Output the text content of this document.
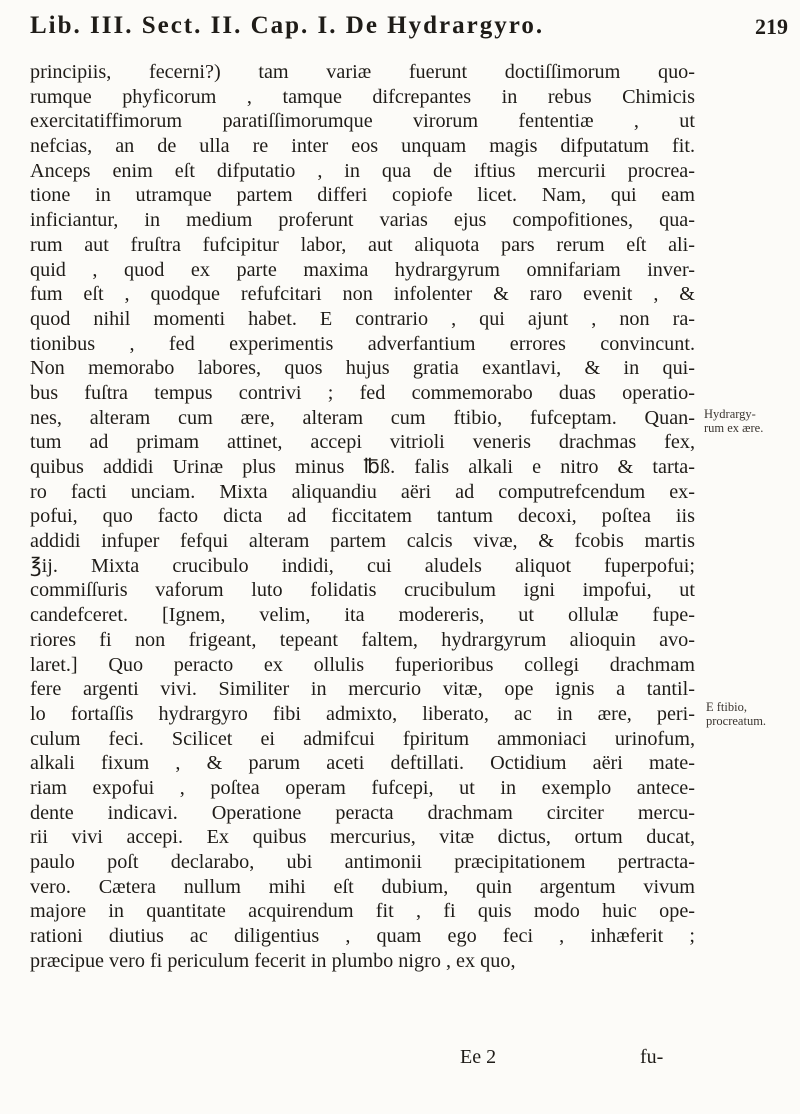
Lib. III. Sect. II. Cap. I. De Hydrargyro.	219
principiis, fecerni?) tam variæ fuerunt doctiſſimorum quo-
rumque phyficorum , tamque difcrepantes in rebus Chimicis
exercitatiffimorum paratiſſimorumque virorum fententiæ , ut
nefcias, an de ulla re inter eos unquam magis difputatum fit.
Anceps enim eſt difputatio , in qua de iftius mercurii procrea-
tione in utramque partem differi copiofe licet. Nam, qui eam
inficiantur, in medium proferunt varias ejus compofitiones, qua-
rum aut fruſtra fufcipitur labor, aut aliquota pars rerum eſt ali-
quid , quod ex parte maxima hydrargyrum omnifariam inver-
fum eſt , quodque refufcitari non infolenter & raro evenit , &
quod nihil momenti habet. E contrario , qui ajunt , non ra-
tionibus , fed experimentis adverfantium errores convincunt.
Non memorabo labores, quos hujus gratia exantlavi, & in qui-
bus fuſtra tempus contrivi ; fed commemorabo duas operatio-
nes, alteram cum ære, alteram cum ftibio, fufceptam. Quan-
tum ad primam attinet, accepi vitrioli veneris drachmas fex,
quibus addidi Urinæ plus minus ℔ß. falis alkali e nitro & tarta-
ro facti unciam. Mixta aliquandiu aëri ad computrefcendum ex-
pofui, quo facto dicta ad ficcitatem tantum decoxi, poſtea iis
addidi infuper fefqui alteram partem calcis vivæ, & fcobis martis
℥ij. Mixta crucibulo indidi, cui aludels aliquot fuperpofui;
commiſſuris vaforum luto folidatis crucibulum igni impofui, ut
candefceret. [Ignem, velim, ita modereris, ut ollulæ fupe-
riores fi non frigeant, tepeant faltem, hydrargyrum alioquin avo-
laret.] Quo peracto ex ollulis fuperioribus collegi drachmam
fere argenti vivi. Similiter in mercurio vitæ, ope ignis a tantil-
lo fortaſſis hydrargyro fibi admixto, liberato, ac in ære, peri-
culum feci. Scilicet ei admifcui fpiritum ammoniaci urinofum,
alkali fixum , & parum aceti deftillati. Octidium aëri mate-
riam expofui , poſtea operam fufcepi, ut in exemplo antece-
dente indicavi. Operatione peracta drachmam circiter mercu-
rii vivi accepi. Ex quibus mercurius, vitæ dictus, ortum ducat,
paulo poſt declarabo, ubi antimonii præcipitationem pertracta-
vero. Cætera nullum mihi eſt dubium, quin argentum vivum
majore in quantitate acquirendum fit , fi quis modo huic ope-
rationi diutius ac diligentius , quam ego feci , inhæferit ;
præcipue vero fi periculum fecerit in plumbo nigro , ex quo,
Hydrargy-
rum ex ære.
E ftibio,
procreatum.
Ee 2	fu-
